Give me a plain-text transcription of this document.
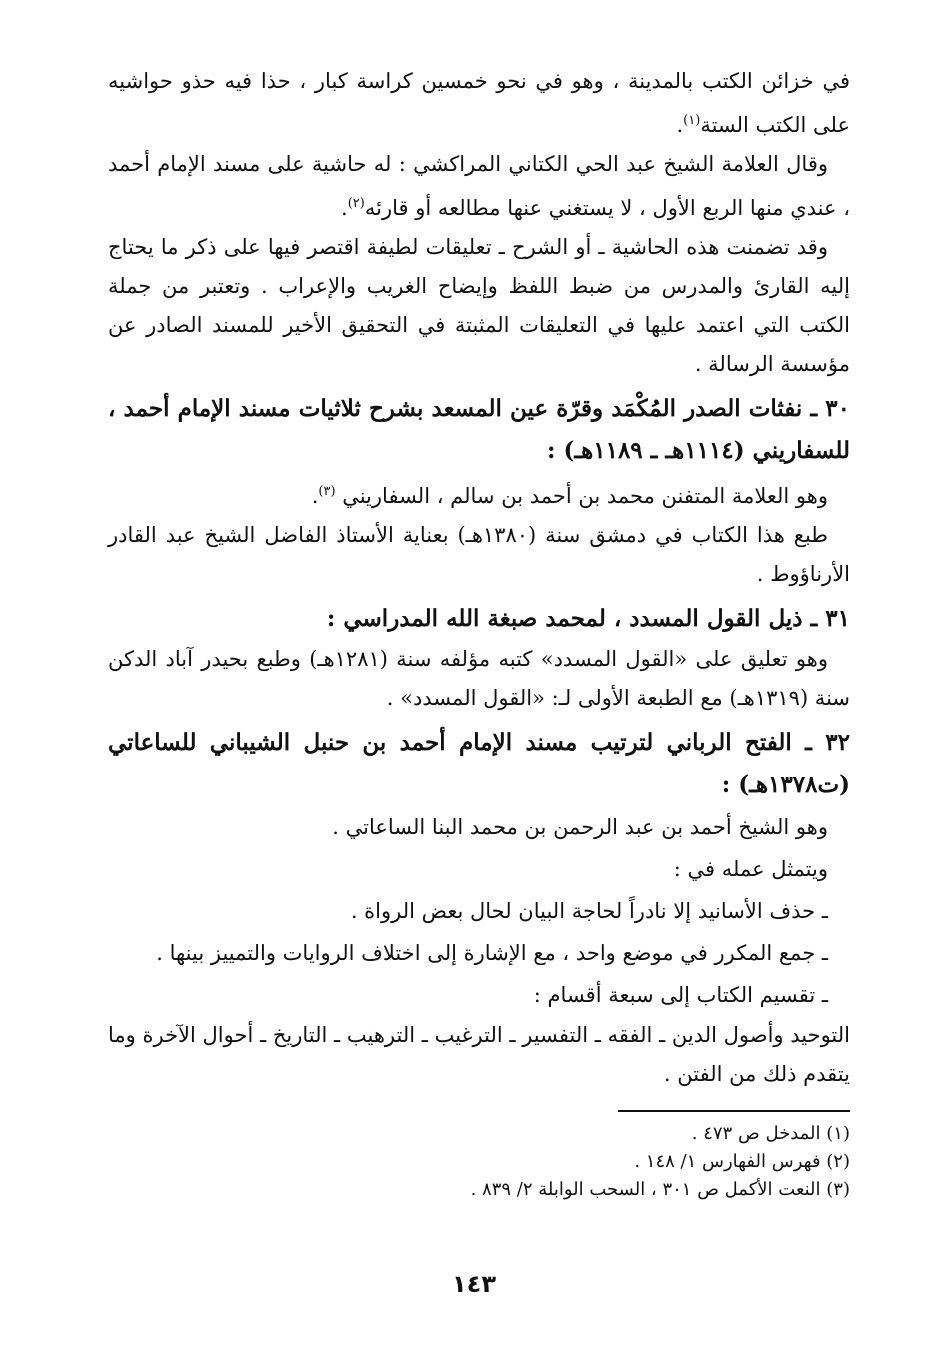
في خزائن الكتب بالمدينة ، وهو في نحو خمسين كراسة كبار ، حذا فيه حذو حواشيه على الكتب الستة$^{(١)}$.

وقال العلامة الشيخ عبد الحي الكتاني المراكشي : له حاشية على مسند الإمام أحمد ، عندي منها الربع الأول ، لا يستغني عنها مطالعه أو قارئه$^{(٢)}$.

وقد تضمنت هذه الحاشية ـ أو الشرح ـ تعليقات لطيفة اقتصر فيها على ذكر ما يحتاج إليه القارئ والمدرس من ضبط اللفظ وإيضاح الغريب والإعراب . وتعتبر من جملة الكتب التي اعتمد عليها في التعليقات المثبتة في التحقيق الأخير للمسند الصادر عن مؤسسة الرسالة .

٣٠ ـ نفثات الصدر المُكْمَد وقرّة عين المسعد بشرح ثلاثيات مسند الإمام أحمد ، للسفاريني (١١١٤هـ ـ ١١٨٩هـ) :

وهو العلامة المتفنن محمد بن أحمد بن سالم ، السفاريني $^{(٣)}$.

طبع هذا الكتاب في دمشق سنة (١٣٨٠هـ) بعناية الأستاذ الفاضل الشيخ عبد القادر الأرناؤوط .

٣١ ـ ذيل القول المسدد ، لمحمد صبغة الله المدراسي :

وهو تعليق على «القول المسدد» كتبه مؤلفه سنة (١٢٨١هـ) وطبع بحيدر آباد الدكن سنة (١٣١٩هـ) مع الطبعة الأولى لـ: «القول المسدد» .

٣٢ ـ الفتح الرباني لترتيب مسند الإمام أحمد بن حنبل الشيباني للساعاتي (ت١٣٧٨هـ) :

وهو الشيخ أحمد بن عبد الرحمن بن محمد البنا الساعاتي .

ويتمثل عمله في :

ـ حذف الأسانيد إلا نادراً لحاجة البيان لحال بعض الرواة .

ـ جمع المكرر في موضع واحد ، مع الإشارة إلى اختلاف الروايات والتمييز بينها .

ـ تقسيم الكتاب إلى سبعة أقسام :

التوحيد وأصول الدين ـ الفقه ـ التفسير ـ الترغيب ـ الترهيب ـ التاريخ ـ أحوال الآخرة وما يتقدم ذلك من الفتن .

(١) المدخل ص ٤٧٣ .

(٢) فهرس الفهارس ١/ ١٤٨ .

(٣) النعت الأكمل ص ٣٠١ ، السحب الوابلة ٢/ ٨٣٩ .

١٤٣
